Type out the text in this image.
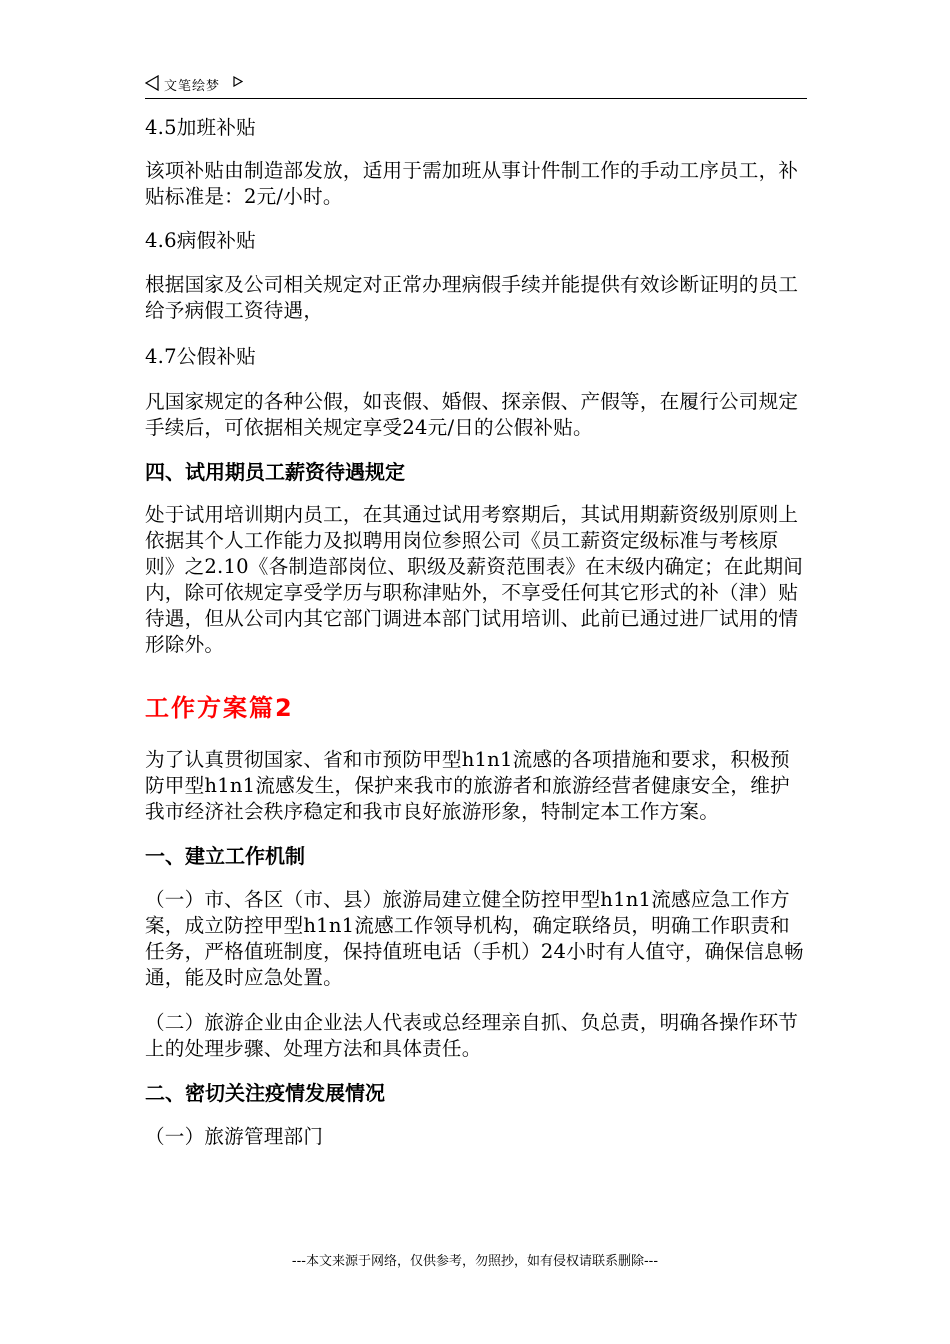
文笔绘梦

4.5加班补贴

该项补贴由制造部发放，适用于需加班从事计件制工作的手动工序员工，补贴标准是：2元/小时。

4.6病假补贴

根据国家及公司相关规定对正常办理病假手续并能提供有效诊断证明的员工给予病假工资待遇，

4.7公假补贴

凡国家规定的各种公假，如丧假、婚假、探亲假、产假等，在履行公司规定手续后，可依据相关规定享受24元/日的公假补贴。

四、试用期员工薪资待遇规定

处于试用培训期内员工，在其通过试用考察期后，其试用期薪资级别原则上依据其个人工作能力及拟聘用岗位参照公司《员工薪资定级标准与考核原则》之2.10《各制造部岗位、职级及薪资范围表》在末级内确定；在此期间内，除可依规定享受学历与职称津贴外，不享受任何其它形式的补（津）贴待遇，但从公司内其它部门调进本部门试用培训、此前已通过进厂试用的情形除外。

工作方案篇2

为了认真贯彻国家、省和市预防甲型h1n1流感的各项措施和要求，积极预防甲型h1n1流感发生，保护来我市的旅游者和旅游经营者健康安全，维护我市经济社会秩序稳定和我市良好旅游形象，特制定本工作方案。

一、建立工作机制

（一）市、各区（市、县）旅游局建立健全防控甲型h1n1流感应急工作方案，成立防控甲型h1n1流感工作领导机构，确定联络员，明确工作职责和任务，严格值班制度，保持值班电话（手机）24小时有人值守，确保信息畅通，能及时应急处置。

（二）旅游企业由企业法人代表或总经理亲自抓、负总责，明确各操作环节上的处理步骤、处理方法和具体责任。

二、密切关注疫情发展情况

（一）旅游管理部门

---本文来源于网络，仅供参考，勿照抄，如有侵权请联系删除---
